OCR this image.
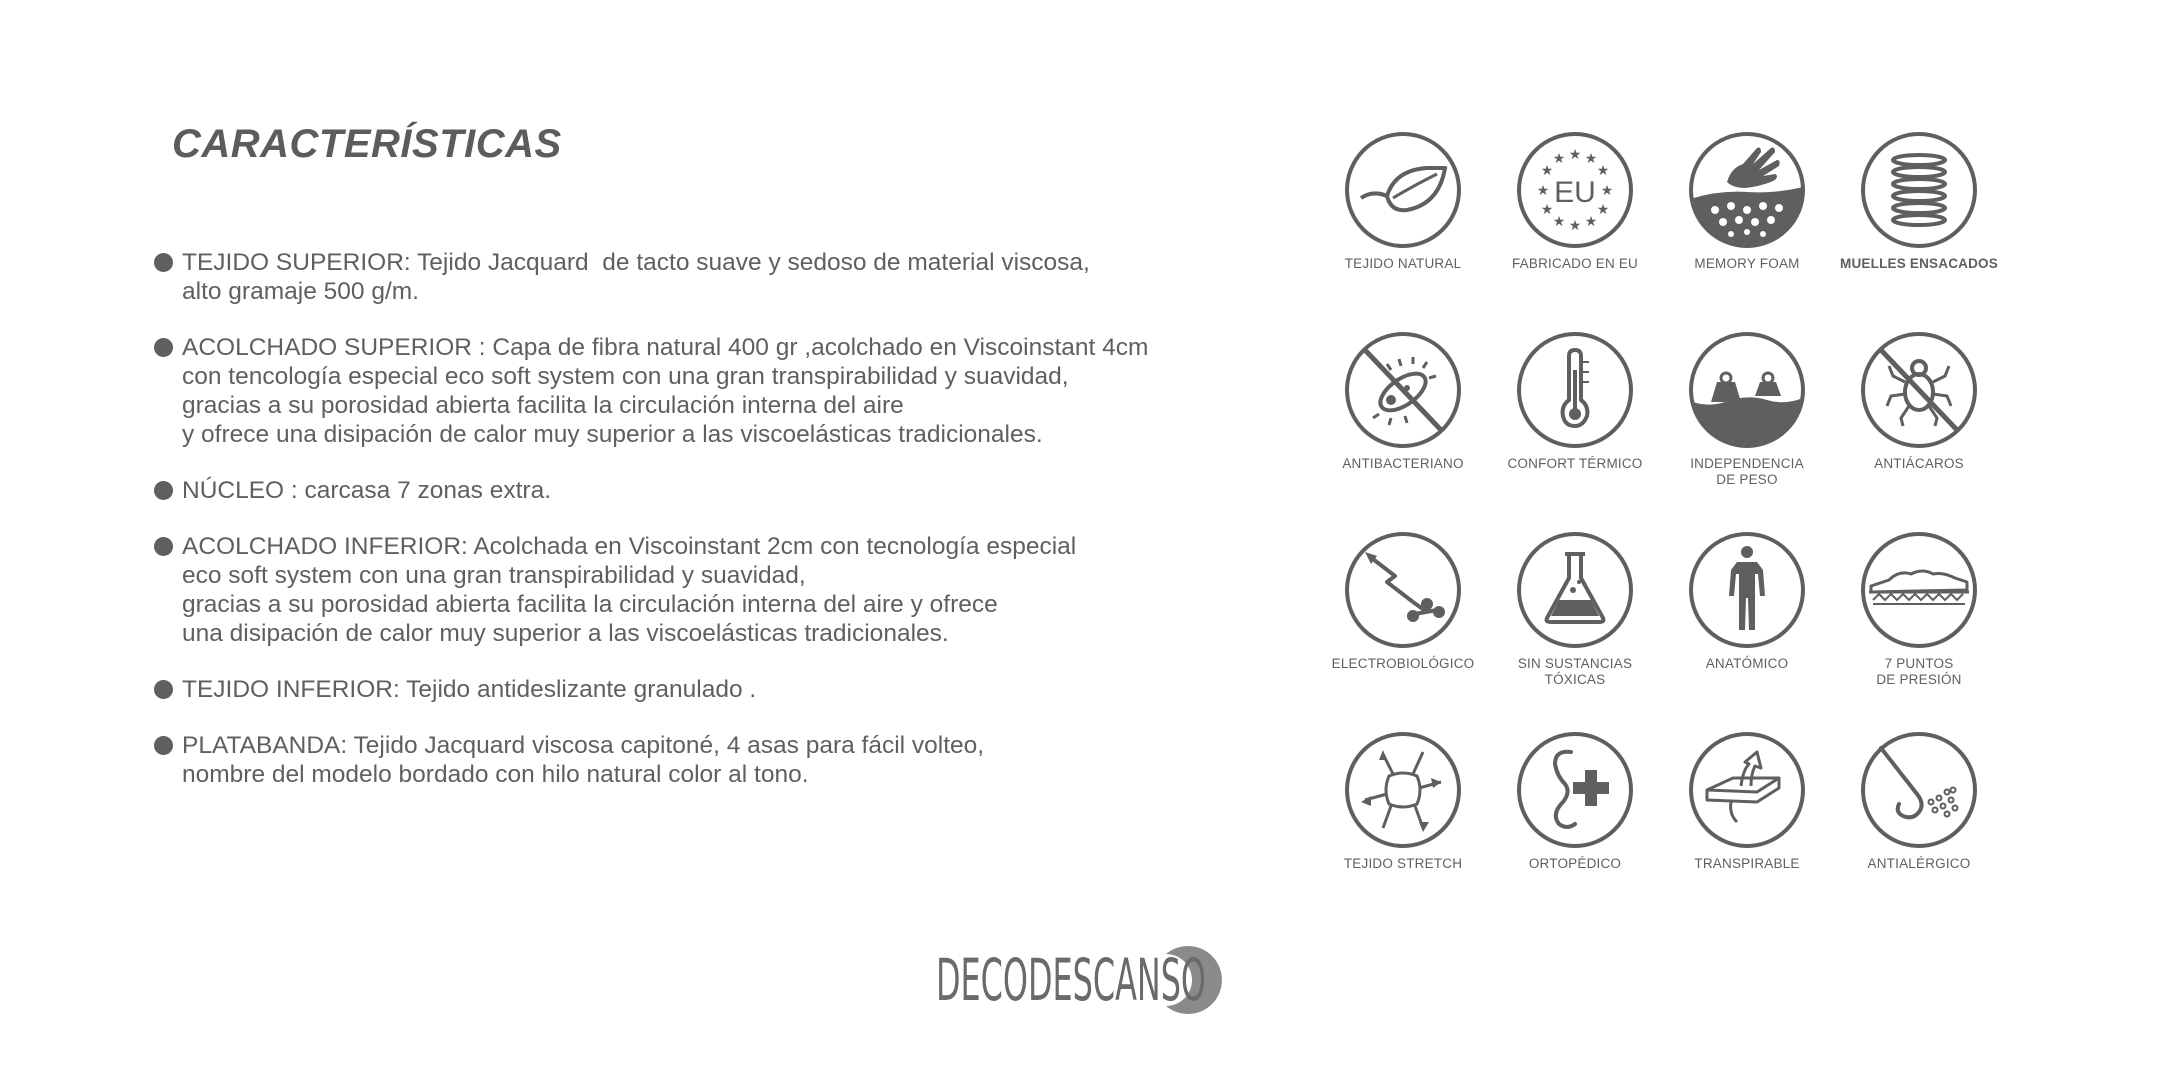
CARACTERÍSTICAS
TEJIDO SUPERIOR: Tejido Jacquard  de tacto suave y sedoso de material viscosa,
alto gramaje 500 g/m.
ACOLCHADO SUPERIOR : Capa de fibra natural 400 gr ,acolchado en Viscoinstant 4cm
con tencología especial eco soft system con una gran transpirabilidad y suavidad,
gracias a su porosidad abierta facilita la circulación interna del aire
y ofrece una disipación de calor muy superior a las viscoelásticas tradicionales.
NÚCLEO : carcasa 7 zonas extra.
ACOLCHADO INFERIOR: Acolchada en Viscoinstant 2cm con tecnología especial
eco soft system con una gran transpirabilidad y suavidad,
gracias a su porosidad abierta facilita la circulación interna del aire y ofrece
una disipación de calor muy superior a las viscoelásticas tradicionales.
TEJIDO INFERIOR: Tejido antideslizante granulado .
PLATABANDA: Tejido Jacquard viscosa capitoné, 4 asas para fácil volteo,
nombre del modelo bordado con hilo natural color al tono.
TEJIDO NATURAL
★ ★
★
★
★
★
★
★
★
★
★
★
EU
FABRICADO EN EU	MEMORY FOAM	MUELLES ENSACADOS
ANTIBACTERIANO	CONFORT TÉRMICO	INDEPENDENCIA
DE PESO
ANTIÁCAROS
ELECTROBIOLÓGICO	SIN SUSTANCIAS
TÓXICAS
ANATÓMICO	7 PUNTOS
DE PRESIÓN
TEJIDO STRETCH	ORTOPÉDICO	TRANSPIRABLE	ANTIALÉRGICO
DECODESCANSO
